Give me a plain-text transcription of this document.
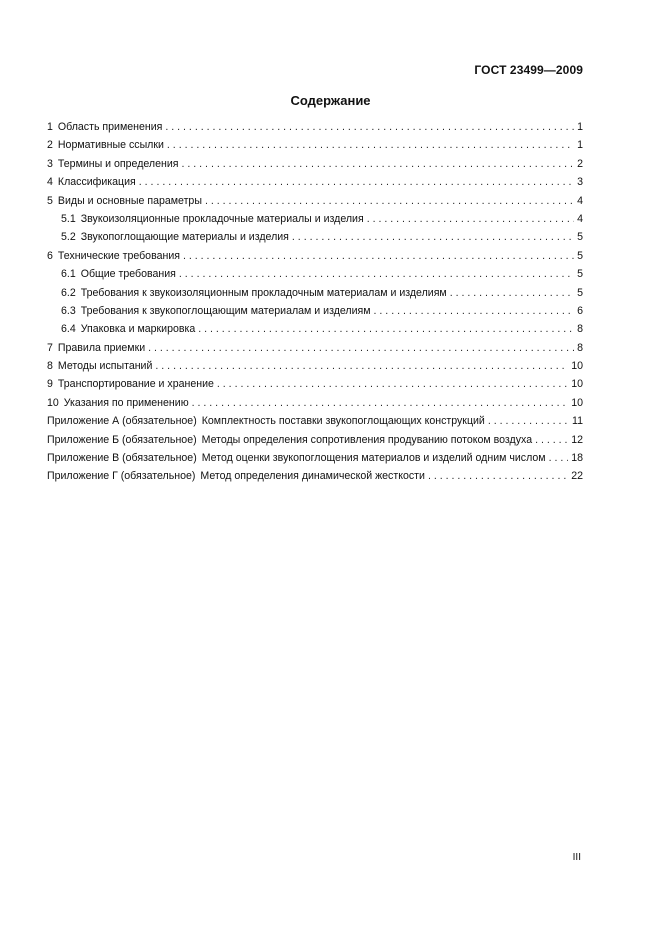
ГОСТ 23499—2009
Содержание
1 Область применения . . .	1
2 Нормативные ссылки . . .	1
3 Термины и определения . . .	2
4 Классификация . . .	3
5 Виды и основные параметры . . .	4
5.1 Звукоизоляционные прокладочные материалы и изделия . . .	4
5.2 Звукопоглощающие материалы и изделия . . .	5
6 Технические требования . . .	5
6.1 Общие требования . . .	5
6.2 Требования к звукоизоляционным прокладочным материалам и изделиям . . .	5
6.3 Требования к звукопоглощающим материалам и изделиям . . .	6
6.4 Упаковка и маркировка . . .	8
7 Правила приемки . . .	8
8 Методы испытаний . . .	10
9 Транспортирование и хранение . . .	10
10 Указания по применению . . .	10
Приложение А (обязательное) Комплектность поставки звукопоглощающих конструкций . . .	11
Приложение Б (обязательное) Методы определения сопротивления продуванию потоком воздуха . . .	12
Приложение В (обязательное) Метод оценки звукопоглощения материалов и изделий одним числом . . . 18
Приложение Г (обязательное) Метод определения динамической жесткости . . .	22
III
